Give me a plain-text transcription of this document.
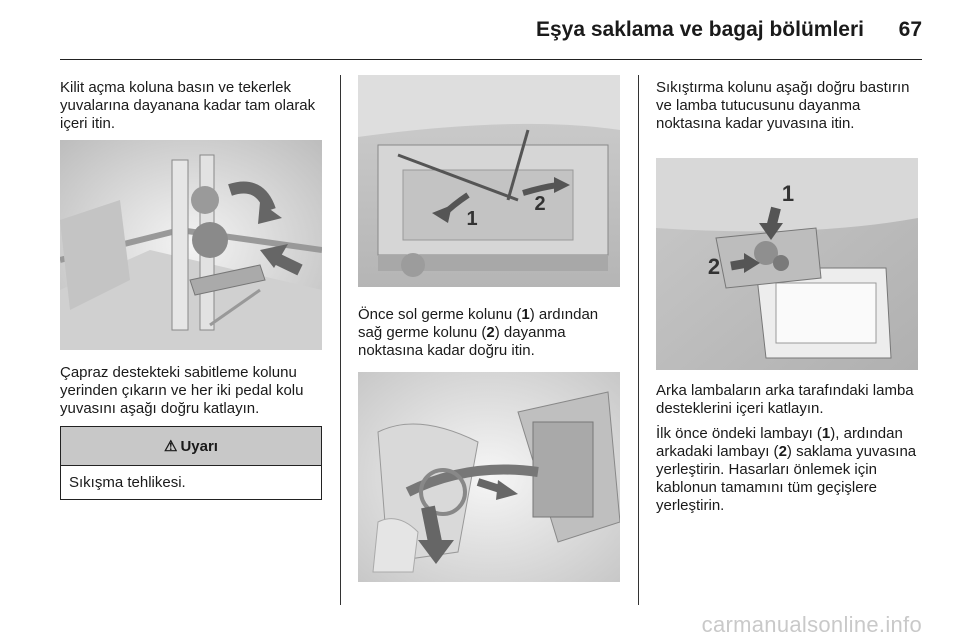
Eşya saklama ve bagaj bölümleri 67

Kilit açma koluna basın ve tekerlek yuvalarına dayanana kadar tam olarak içeri itin.

Çapraz destekteki sabitleme kolunu yerinden çıkarın ve her iki pedal kolu yuvasını aşağı doğru katlayın.

⚠ Uyarı
Sıkışma tehlikesi.
1
2

Önce sol germe kolunu (1) ardından sağ germe kolunu (2) dayanma noktasına kadar doğru itin.

Sıkıştırma kolunu aşağı doğru bastırın ve lamba tutucusunu dayanma noktasına kadar yuvasına itin.

1
2

Arka lambaların arka tarafındaki lamba desteklerini içeri katlayın.

İlk önce öndeki lambayı (1), ardından arkadaki lambayı (2) saklama yuvasına yerleştirin. Hasarları önlemek için kablonun tamamını tüm geçişlere yerleştirin.

carmanualsonline.info
